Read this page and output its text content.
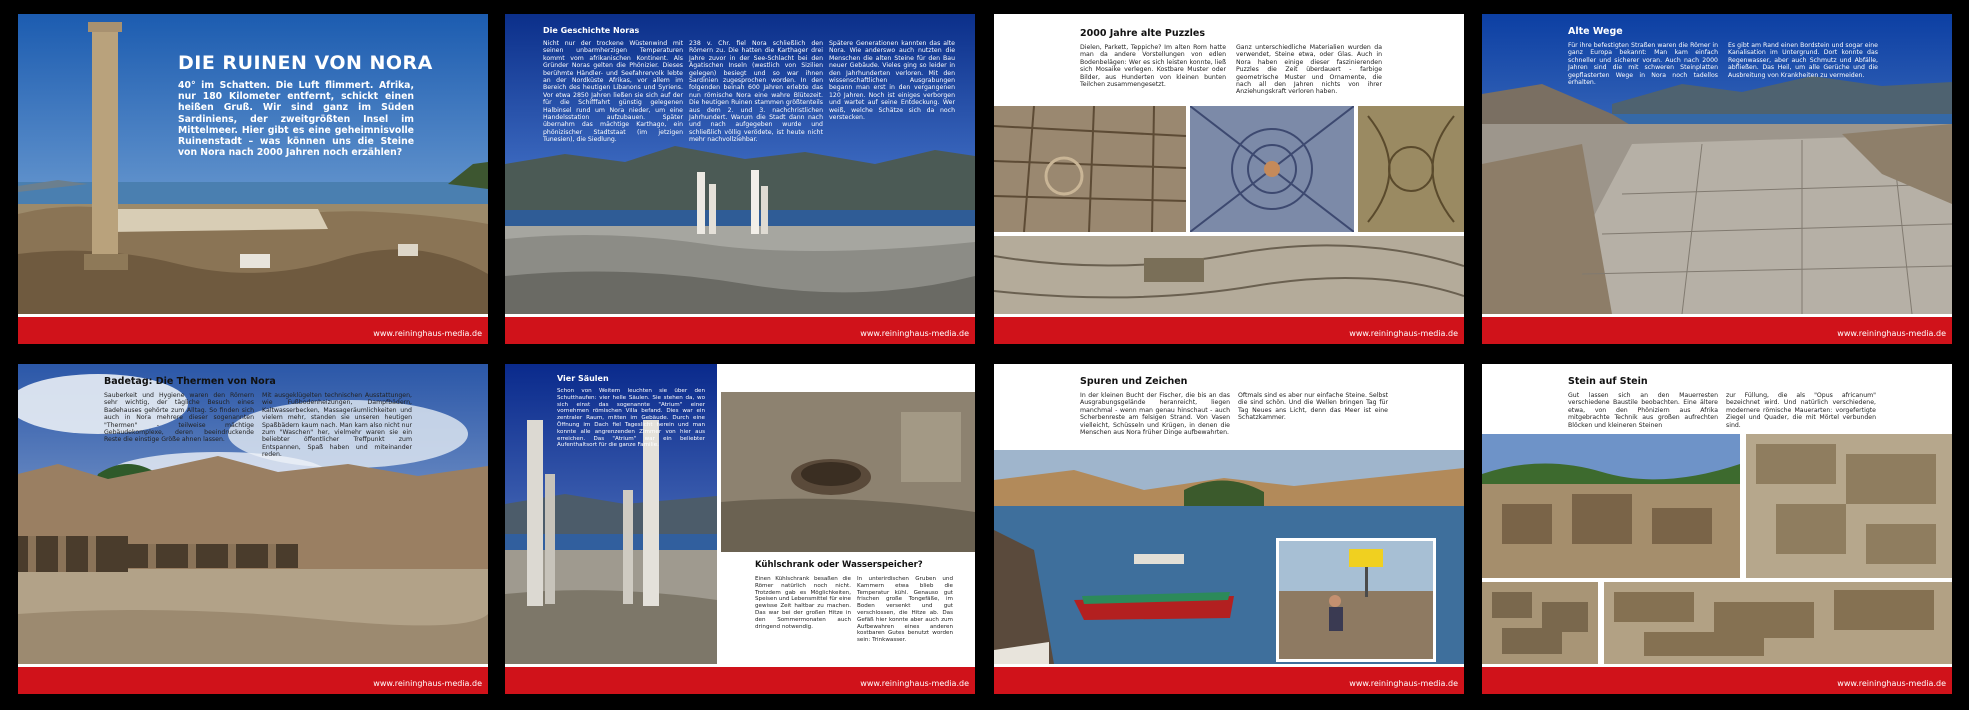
DIE RUINEN VON NORA
40° im Schatten. Die Luft flimmert. Afrika, nur 180 Kilometer entfernt, schickt einen heißen Gruß. Wir sind ganz im Süden Sardiniens, der zweitgrößten Insel im Mittelmeer. Hier gibt es eine geheimnisvolle Ruinenstadt – was können uns die Steine von Nora nach 2000 Jahren noch erzählen?
www.reininghaus-media.de
Die Geschichte Noras
Nicht nur der trockene Wüstenwind mit seinen unbarmherzigen Temperaturen kommt vom afrikanischen Kontinent. Als Gründer Noras gelten die Phönizier. Dieses berühmte Händler- und Seefahrervolk lebte an der Nordküste Afrikas, vor allem im Bereich des heutigen Libanons und Syriens. Vor etwa 2850 Jahren ließen sie sich auf der für die Schifffahrt günstig gelegenen Halbinsel rund um Nora nieder, um eine Handelsstation aufzubauen. Später übernahm das mächtige Karthago, ein phönizischer Stadtstaat (im jetzigen Tunesien), die Siedlung.
238 v. Chr. fiel Nora schließlich den Römern zu. Die hatten die Karthager drei Jahre zuvor in der See-Schlacht bei den Ägatischen Inseln (westlich von Sizilien gelegen) besiegt und so war ihnen Sardinien zugesprochen worden. In den folgenden beinah 600 Jahren erlebte das nun römische Nora eine wahre Blütezeit. Die heutigen Ruinen stammen größtenteils aus dem 2. und 3. nachchristlichen Jahrhundert. Warum die Stadt dann nach und nach aufgegeben wurde und schließlich völlig verödete, ist heute nicht mehr nachvollziehbar.
Spätere Generationen kannten das alte Nora. Wie anderswo auch nutzten die Menschen die alten Steine für den Bau neuer Gebäude. Vieles ging so leider in den Jahrhunderten verloren. Mit den wissenschaftlichen Ausgrabungen begann man erst in den vergangenen 120 Jahren. Noch ist einiges verborgen und wartet auf seine Entdeckung. Wer weiß, welche Schätze sich da noch verstecken.
www.reininghaus-media.de
2000 Jahre alte Puzzles
Dielen, Parkett, Teppiche? Im alten Rom hatte man da andere Vorstellungen von edlen Bodenbelägen: Wer es sich leisten konnte, ließ sich Mosaike verlegen. Kostbare Muster oder Bilder, aus Hunderten von kleinen bunten Teilchen zusammengesetzt.
Ganz unterschiedliche Materialien wurden da verwendet, Steine etwa, oder Glas. Auch in Nora haben einige dieser faszinierenden Puzzles die Zeit überdauert - farbige geometrische Muster und Ornamente, die nach all den Jahren nichts von ihrer Anziehungskraft verloren haben.
www.reininghaus-media.de
Alte Wege
Für ihre befestigten Straßen waren die Römer in ganz Europa bekannt: Man kam einfach schneller und sicherer voran. Auch nach 2000 Jahren sind die mit schweren Steinplatten gepflasterten Wege in Nora noch tadellos erhalten.
Es gibt am Rand einen Bordstein und sogar eine Kanalisation im Untergrund. Dort konnte das Regenwasser, aber auch Schmutz und Abfälle, abfließen. Das Heil, um alle Gerüche und die Ausbreitung von Krankheiten zu vermeiden.
www.reininghaus-media.de
Badetag: Die Thermen von Nora
Sauberkeit und Hygiene waren den Römern sehr wichtig, der tägliche Besuch eines Badehauses gehörte zum Alltag. So finden sich auch in Nora mehrere dieser sogenannten "Thermen" - teilweise mächtige Gebäudekomplexe, deren beeindruckende Reste die einstige Größe ahnen lassen.
Mit ausgeklügelten technischen Ausstattungen, wie Fußbodenheizungen, Dampfbädern, Kaltwasserbecken, Massageräumlichkeiten und vielem mehr, standen sie unseren heutigen Spaßbädern kaum nach. Man kam also nicht nur zum "Waschen" her, vielmehr waren sie ein beliebter öffentlicher Treffpunkt zum Entspannen, Spaß haben und miteinander reden.
www.reininghaus-media.de
Vier Säulen
Schon von Weitem leuchten sie über den Schutthaufen: vier helle Säulen. Sie stehen da, wo sich einst das sogenannte "Atrium" einer vornehmen römischen Villa befand. Dies war ein zentraler Raum, mitten im Gebäude. Durch eine Öffnung im Dach fiel Tageslicht herein und man konnte alle angrenzenden Zimmer von hier aus erreichen. Das "Atrium" war ein beliebter Aufenthaltsort für die ganze Familie.
Kühlschrank oder Wasserspeicher?
Einen Kühlschrank besaßen die Römer natürlich noch nicht. Trotzdem gab es Möglichkeiten, Speisen und Lebensmittel für eine gewisse Zeit haltbar zu machen. Das war bei der großen Hitze in den Sommermonaten auch dringend notwendig.
In unterirdischen Gruben und Kammern etwa blieb die Temperatur kühl. Genauso gut frischen große Tongefäße, im Boden versenkt und gut verschlossen, die Hitze ab. Das Gefäß hier konnte aber auch zum Aufbewahren eines anderen kostbaren Gutes benutzt worden sein: Trinkwasser.
www.reininghaus-media.de
Spuren und Zeichen
In der kleinen Bucht der Fischer, die bis an das Ausgrabungsgelände heranreicht, liegen manchmal - wenn man genau hinschaut - auch Scherbenreste am felsigen Strand. Von Vasen vielleicht, Schüsseln und Krügen, in denen die Menschen aus Nora früher Dinge aufbewahrten.
Oftmals sind es aber nur einfache Steine. Selbst die sind schön. Und die Wellen bringen Tag für Tag Neues ans Licht, denn das Meer ist eine Schatzkammer.
www.reininghaus-media.de
Stein auf Stein
Gut lassen sich an den Mauerresten verschiedene Baustile beobachten. Eine ältere etwa, von den Phöniziern aus Afrika mitgebrachte Technik aus großen aufrechten Blöcken und kleineren Steinen
zur Füllung, die als "Opus africanum" bezeichnet wird. Und natürlich verschiedene, modernere römische Mauerarten: vorgefertigte Ziegel und Quader, die mit Mörtel verbunden sind.
www.reininghaus-media.de
